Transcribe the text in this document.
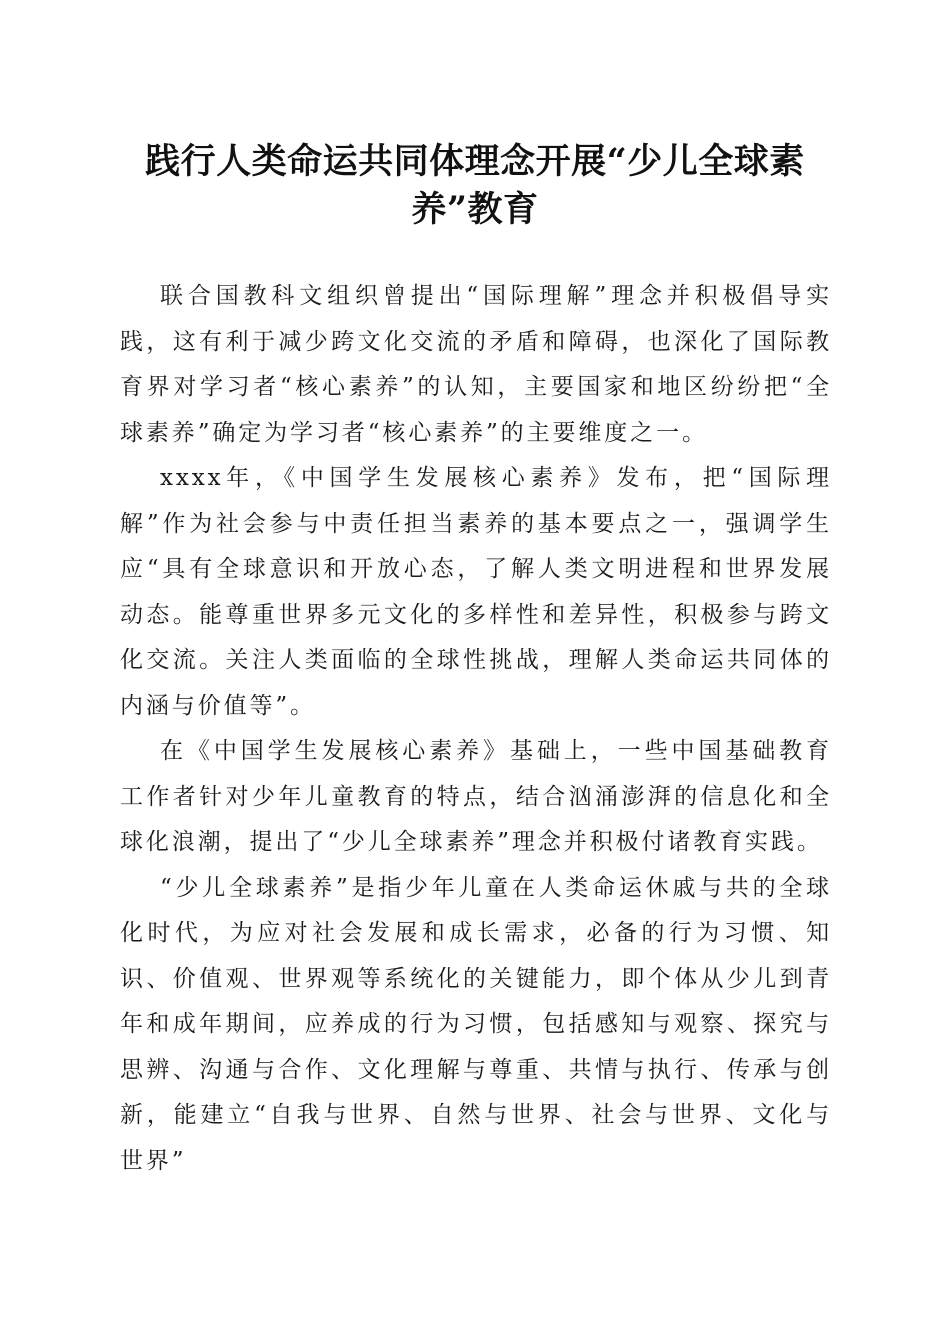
践行人类命运共同体理念开展“少儿全球素
养”教育

联合国教科文组织曾提出“国际理解”理念并积极倡导实践，这有利于减少跨文化交流的矛盾和障碍，也深化了国际教育界对学习者“核心素养”的认知，主要国家和地区纷纷把“全球素养”确定为学习者“核心素养”的主要维度之一。

xxxx年，《中国学生发展核心素养》发布，把“国际理解”作为社会参与中责任担当素养的基本要点之一，强调学生应“具有全球意识和开放心态，了解人类文明进程和世界发展动态。能尊重世界多元文化的多样性和差异性，积极参与跨文化交流。关注人类面临的全球性挑战，理解人类命运共同体的内涵与价值等”。

在《中国学生发展核心素养》基础上，一些中国基础教育工作者针对少年儿童教育的特点，结合汹涌澎湃的信息化和全球化浪潮，提出了“少儿全球素养”理念并积极付诸教育实践。

“少儿全球素养”是指少年儿童在人类命运休戚与共的全球化时代，为应对社会发展和成长需求，必备的行为习惯、知识、价值观、世界观等系统化的关键能力，即个体从少儿到青年和成年期间，应养成的行为习惯，包括感知与观察、探究与思辨、沟通与合作、文化理解与尊重、共情与执行、传承与创新，能建立“自我与世界、自然与世界、社会与世界、文化与世界”
